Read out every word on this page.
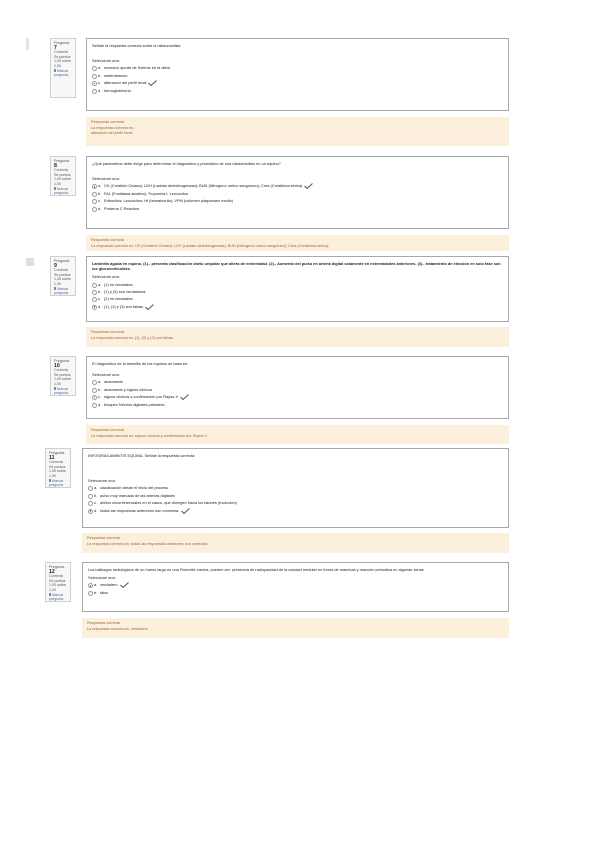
Pregunta 7
Correcta
Se puntúa 1,00 sobre 1,00
Marcar pregunta
Señale la respuesta correcta sobre la rabdomiolisis:
Seleccione una:
a. excesivo aporte de Selenio en la dieta
b. sedentarismo
c. alteración del perfil renal
d. hemoglobinuria
Respuesta correcta
La respuesta correcta es:
alteración del perfil renal
Pregunta 8
Correcta
Se puntúa 1,00 sobre 1,00
Marcar pregunta
¿Qué parámetros debe elegir para determinar el diagnóstico y pronóstico de una rabdomiolisis en un equino?
Seleccione una:
a. CK (Creatinin Cinasa); LDH (Lactato deshidrogenasa); BUN (Nitrogeno ureico sanguíneo); Crea (Creatinina sérica)
b. FAL (Fosfatasa alcalina); Troponina I; Leucocitos
c. Eritrocitos; Leucocitos; Ht (hematocrito); VPM (volumen plaquetario medio)
d. Proteína C Reactiva
Respuesta correcta
La respuesta correcta es: CK (Creatinin Cinasa); LDH (Lactato deshidrogenasa); BUN (Nitrogeno ureico sanguíneo); Crea (Creatinina sérica).
Pregunta 9
Correcta
Se puntúa 1,00 sobre 1,00
Marcar pregunta
Laminitis aguda en equino, (1).- presenta clasificación obélo unipolar que altera de extremidad. (2).- Aumento del pulso en arteria digital solamente en extremidades anteriores. (3).- tratamiento de elección en solo fase son los glucocorticoides.
Seleccione una:
a. (1) es verdadera
b. (1) y (3) son verdaderas
c. (2) es verdadera
d. (1), (2) y (3) son falsas
Respuesta correcta
La respuesta correcta es: (1), (2) y (3) son falsas
Pregunta 10
Correcta
Se puntúa 1,00 sobre 1,00
Marcar pregunta
El diagnóstico de la laminitis de los equinos se basa en:
Seleccione una:
a. anamnesis
b. anamnesis y signos clínicos
c. signos clínicos y confirmación por Rayos X
d. bloqueo Nervios digitales palmares
Respuesta correcta
La respuesta correcta es: signos clínicos y confirmación por Rayos X
Pregunta 11
Correcta
Se puntúa 1,00 sobre 1,00
Marcar pregunta
INFOSIRA/LAMINITIS EQUINA. Señale la respuesta correcta:
Seleccione una:
a. claudicación desde el inicio del proceso
b. pulso muy marcado de las arterias digitales
c. anillos circunferenciales en el casco, que divergen hacia los talones (evolución)
d. todas las respuestas anteriores son correctas
Respuesta correcta
La respuesta correcta es: todas las respuestas anteriores son correctas
Pregunta 12
Correcta
Se puntúa 1,00 sobre 1,00
Marcar pregunta
Los hallazgos radiológicos de un hueso largo en una Pancoitis canina, pueden ser: presencia de radiopacidad de la cavidad medular en forma de manchas y reacción periostica en algunas zonas.
Seleccione una:
a. verdadero
b. falso
Respuesta correcta
La respuesta correcta es: verdadero
